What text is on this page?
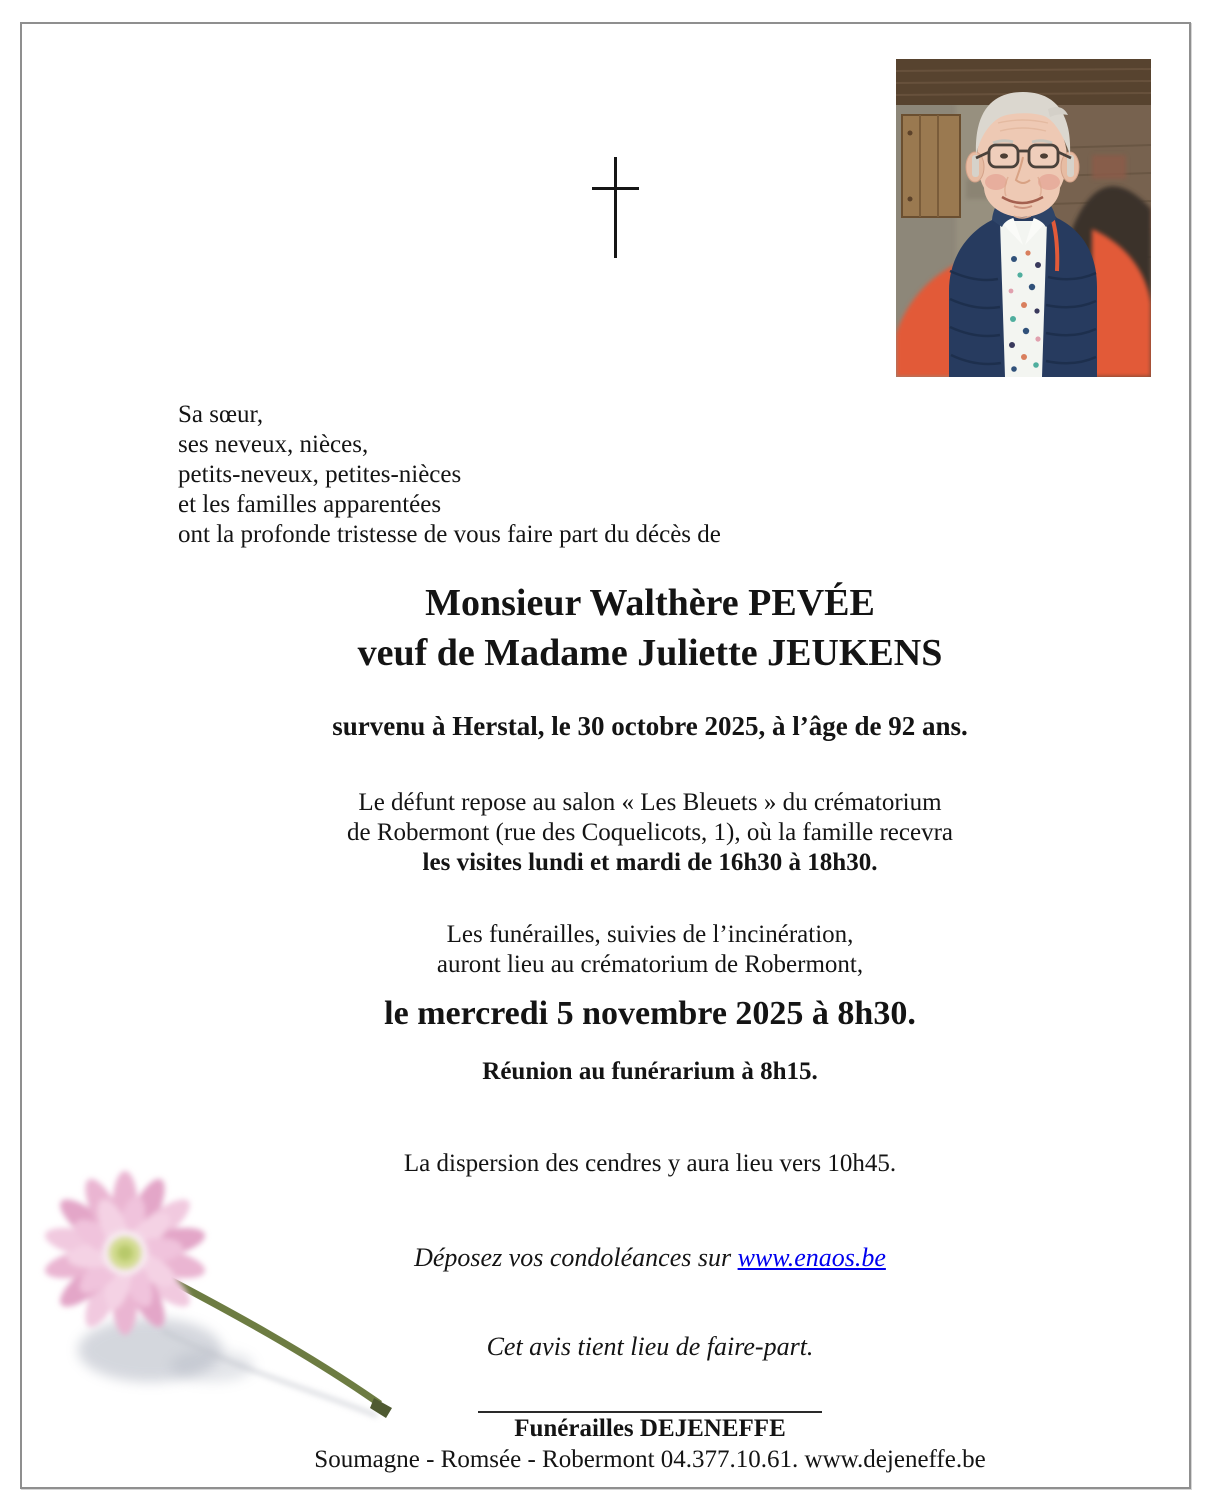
Sa sœur,
ses neveux, nièces,
petits-neveux, petites-nièces
et les familles apparentées
ont la profonde tristesse de vous faire part du décès de
Monsieur Walthère PEVÉE
veuf de Madame Juliette JEUKENS
survenu à Herstal, le 30 octobre 2025, à l’âge de 92 ans.
Le défunt repose au salon « Les Bleuets » du crématorium
de Robermont (rue des Coquelicots, 1), où la famille recevra
les visites lundi et mardi de 16h30 à 18h30.
Les funérailles, suivies de l’incinération,
auront lieu au crématorium de Robermont,
le mercredi 5 novembre 2025 à 8h30.
Réunion au funérarium à 8h15.
La dispersion des cendres y aura lieu vers 10h45.
Déposez vos condoléances sur www.enaos.be
Cet avis tient lieu de faire-part.
Funérailles DEJENEFFE
Soumagne - Romsée - Robermont 04.377.10.61. www.dejeneffe.be
